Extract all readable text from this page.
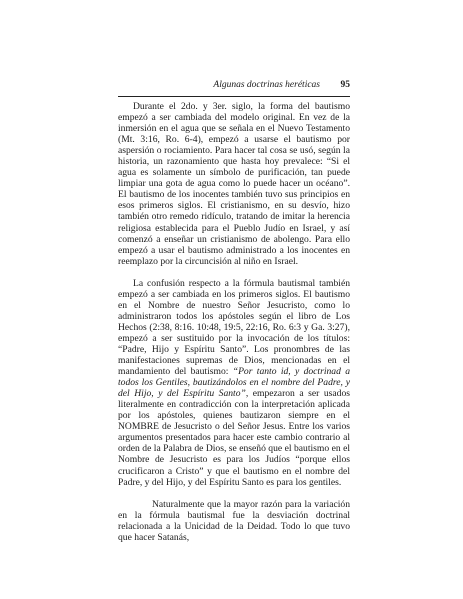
Algunas doctrinas heréticas 95

Durante el 2do. y 3er. siglo, la forma del bautismo empezó a ser cambiada del modelo original. En vez de la inmersión en el agua que se señala en el Nuevo Testamento (Mt. 3:16, Ro. 6-4), empezó a usarse el bautismo por aspersión o rociamiento. Para hacer tal cosa se usó, según la historia, un razonamiento que hasta hoy prevalece: “Si el agua es solamente un símbolo de purificación, tan puede limpiar una gota de agua como lo puede hacer un océano”. El bautismo de los inocentes también tuvo sus principios en esos primeros siglos. El cristianismo, en su desvío, hizo también otro remedo ridículo, tratando de imitar la herencia religiosa establecida para el Pueblo Judío en Israel, y así comenzó a enseñar un cristianismo de abolengo. Para ello empezó a usar el bautismo administrado a los inocentes en reemplazo por la circuncisión al niño en Israel.

La confusión respecto a la fórmula bautismal también empezó a ser cambiada en los primeros siglos. El bautismo en el Nombre de nuestro Señor Jesucristo, como lo administraron todos los apóstoles según el libro de Los Hechos (2:38, 8:16. 10:48, 19:5, 22:16, Ro. 6:3 y Ga. 3:27), empezó a ser sustituido por la invocación de los títulos: “Padre, Hijo y Espíritu Santo”. Los pronombres de las manifestaciones supremas de Dios, mencionadas en el mandamiento del bautismo: “Por tanto id, y doctrinad a todos los Gentiles, bautizándolos en el nombre del Padre, y del Hijo, y del Espíritu Santo”, empezaron a ser usados literalmente en contradicción con la interpretación aplicada por los apóstoles, quienes bautizaron siempre en el NOMBRE de Jesucristo o del Señor Jesus. Entre los varios argumentos presentados para hacer este cambio contrario al orden de la Palabra de Dios, se enseñó que el bautismo en el Nombre de Jesucristo es para los Judíos “porque ellos crucificaron a Cristo” y que el bautismo en el nombre del Padre, y del Hijo, y del Espíritu Santo es para los gentiles.

Naturalmente que la mayor razón para la variación en la fórmula bautismal fue la desviación doctrinal relacionada a la Unicidad de la Deidad. Todo lo que tuvo que hacer Satanás,
